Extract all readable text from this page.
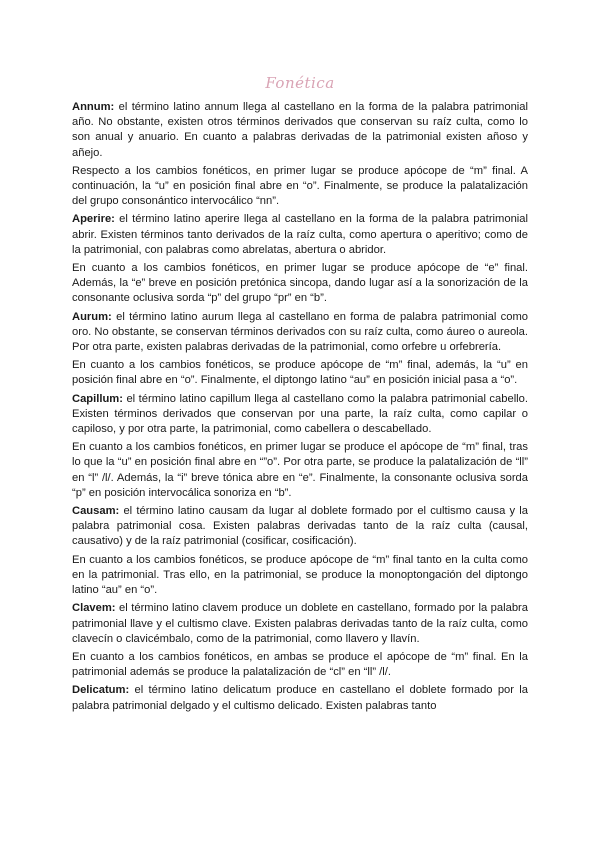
Fonética

Annum: el término latino annum llega al castellano en la forma de la palabra patrimonial año. No obstante, existen otros términos derivados que conservan su raíz culta, como lo son anual y anuario. En cuanto a palabras derivadas de la patrimonial existen añoso y añejo.

Respecto a los cambios fonéticos, en primer lugar se produce apócope de “m” final. A continuación, la “u” en posición final abre en “o”. Finalmente, se produce la palatalización del grupo consonántico intervocálico “nn”.

Aperire: el término latino aperire llega al castellano en la forma de la palabra patrimonial abrir. Existen términos tanto derivados de la raíz culta, como apertura o aperitivo; como de la patrimonial, con palabras como abrelatas, abertura o abridor.

En cuanto a los cambios fonéticos, en primer lugar se produce apócope de “e” final. Además, la “e” breve en posición pretónica sincopa, dando lugar así a la sonorización de la consonante oclusiva sorda “p” del grupo “pr” en “b”.

Aurum: el término latino aurum llega al castellano en forma de palabra patrimonial como oro. No obstante, se conservan términos derivados con su raíz culta, como áureo o aureola. Por otra parte, existen palabras derivadas de la patrimonial, como orfebre u orfebrería.

En cuanto a los cambios fonéticos, se produce apócope de “m” final, además, la “u” en posición final abre en “o”. Finalmente, el diptongo latino “au” en posición inicial pasa a “o”.

Capillum: el término latino capillum llega al castellano como la palabra patrimonial cabello. Existen términos derivados que conservan por una parte, la raíz culta, como capilar o capiloso, y por otra parte, la patrimonial, como cabellera o descabellado.

En cuanto a los cambios fonéticos, en primer lugar se produce el apócope de “m” final, tras lo que la “u” en posición final abre en “”o”. Por otra parte, se produce la palatalización de “ll” en “l” /l/. Además, la “i” breve tónica abre en “e”. Finalmente, la consonante oclusiva sorda “p” en posición intervocálica sonoriza en “b”.

Causam: el término latino causam da lugar al doblete formado por el cultismo causa y la palabra patrimonial cosa. Existen palabras derivadas tanto de la raíz culta (causal, causativo) y de la raíz patrimonial (cosificar, cosificación).

En cuanto a los cambios fonéticos, se produce apócope de “m” final tanto en la culta como en la patrimonial. Tras ello, en la patrimonial, se produce la monoptongación del diptongo latino “au” en “o”.

Clavem: el término latino clavem produce un doblete en castellano, formado por la palabra patrimonial llave y el cultismo clave. Existen palabras derivadas tanto de la raíz culta, como clavecín o clavicémbalo, como de la patrimonial, como llavero y llavín.

En cuanto a los cambios fonéticos, en ambas se produce el apócope de “m” final. En la patrimonial además se produce la palatalización de “cl” en “ll” /l/.

Delicatum: el término latino delicatum produce en castellano el doblete formado por la palabra patrimonial delgado y el cultismo delicado. Existen palabras tanto
